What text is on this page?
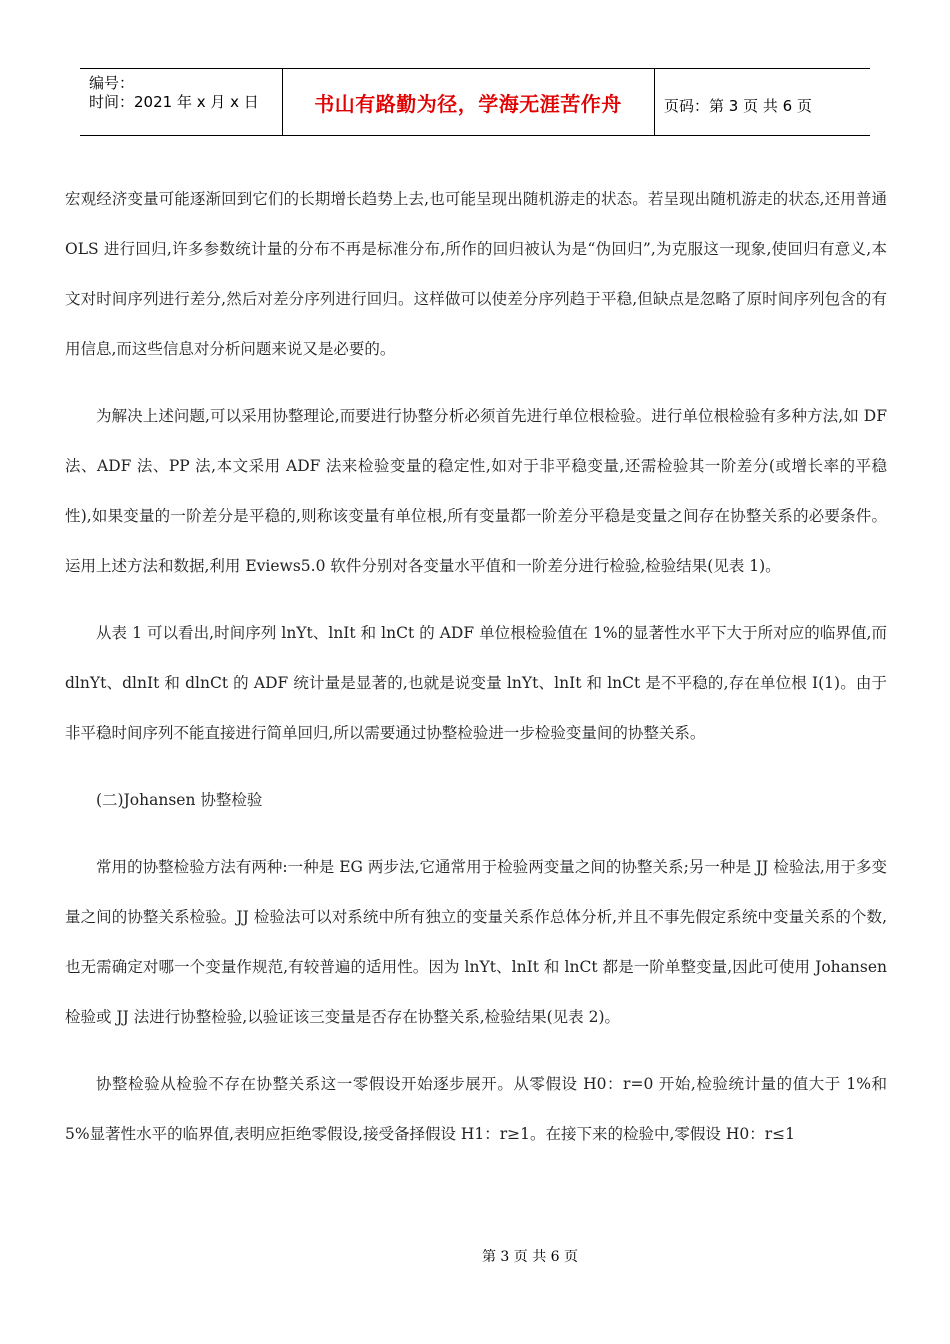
编号：
时间：2021 年 x 月 x 日	书山有路勤为径，学海无涯苦作舟	页码：第 3 页 共 6 页

宏观经济变量可能逐渐回到它们的长期增长趋势上去,也可能呈现出随机游走的状态。若呈现出随机游走的状态,还用普通 OLS 进行回归,许多参数统计量的分布不再是标准分布,所作的回归被认为是“伪回归”,为克服这一现象,使回归有意义,本文对时间序列进行差分,然后对差分序列进行回归。这样做可以使差分序列趋于平稳,但缺点是忽略了原时间序列包含的有用信息,而这些信息对分析问题来说又是必要的。

为解决上述问题,可以采用协整理论,而要进行协整分析必须首先进行单位根检验。进行单位根检验有多种方法,如 DF 法、ADF 法、PP 法,本文采用 ADF 法来检验变量的稳定性,如对于非平稳变量,还需检验其一阶差分(或增长率的平稳性),如果变量的一阶差分是平稳的,则称该变量有单位根,所有变量都一阶差分平稳是变量之间存在协整关系的必要条件。运用上述方法和数据,利用 Eviews5.0 软件分别对各变量水平值和一阶差分进行检验,检验结果(见表 1)。

从表 1 可以看出,时间序列 lnYt、lnIt 和 lnCt 的 ADF 单位根检验值在 1%的显著性水平下大于所对应的临界值,而 dlnYt、dlnIt 和 dlnCt 的 ADF 统计量是显著的,也就是说变量 lnYt、lnIt 和 lnCt 是不平稳的,存在单位根 I(1)。由于非平稳时间序列不能直接进行简单回归,所以需要通过协整检验进一步检验变量间的协整关系。

(二)Johansen 协整检验

常用的协整检验方法有两种:一种是 EG 两步法,它通常用于检验两变量之间的协整关系;另一种是 JJ 检验法,用于多变量之间的协整关系检验。JJ 检验法可以对系统中所有独立的变量关系作总体分析,并且不事先假定系统中变量关系的个数,也无需确定对哪一个变量作规范,有较普遍的适用性。因为 lnYt、lnIt 和 lnCt 都是一阶单整变量,因此可使用 Johansen 检验或 JJ 法进行协整检验,以验证该三变量是否存在协整关系,检验结果(见表 2)。

协整检验从检验不存在协整关系这一零假设开始逐步展开。从零假设 H0：r=0 开始,检验统计量的值大于 1%和 5%显著性水平的临界值,表明应拒绝零假设,接受备择假设 H1：r≥1。在接下来的检验中,零假设 H0：r≤1

第 3 页 共 6 页
